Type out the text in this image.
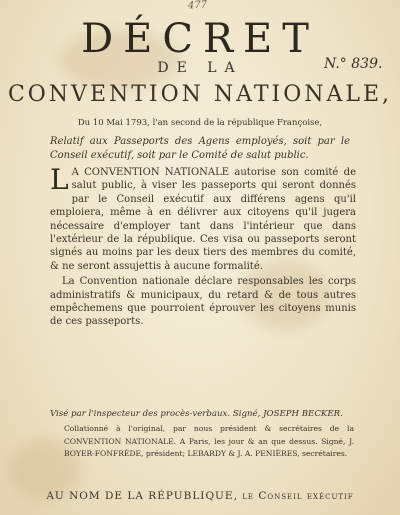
477
DÉCRET
N.° 839.
DE LA
CONVENTION NATIONALE,
Du 10 Mai 1793, l'an second de la république Françoise,
Relatif aux Passeports des Agens employés, soit par le Conseil exécutif, soit par le Comité de salut public.

L A CONVENTION NATIONALE autorise son comité de salut public, à viser les passeports qui seront donnés par le Conseil exécutif aux différens agens qu'il emploiera, même à en délivrer aux citoyens qu'il jugera nécessaire d'employer tant dans l'intérieur que dans l'extérieur de la république. Ces visa ou passeports seront signés au moins par les deux tiers des membres du comité, & ne seront assujettis à aucune formalité.

La Convention nationale déclare responsables les corps administratifs & municipaux, du retard & de tous autres empêchemens que pourroient éprouver les citoyens munis de ces passeports.

Visé par l'inspecteur des procès-verbaux. Signé, JOSEPH BECKER.
Collationné à l'original, par nous président & secrétaires de la CONVENTION NATIONALE. A Paris, les jour & an que dessus. Signé, J. BOYER-FONFRÈDE, président; LEBARDY & J. A. PENIÈRES, secrétaires.
AU NOM DE LA RÉPUBLIQUE, le Conseil exécutif
